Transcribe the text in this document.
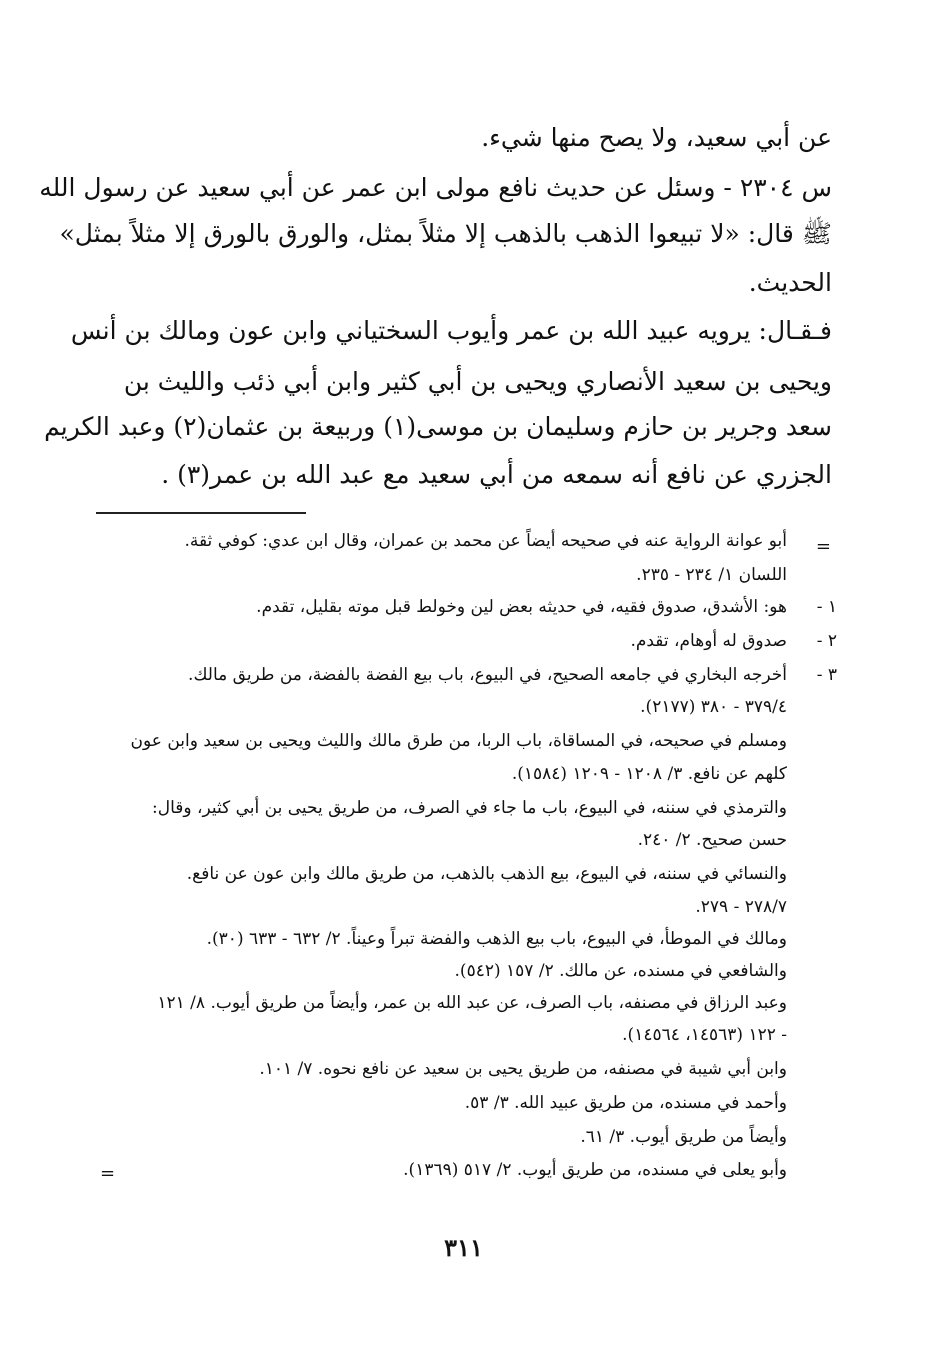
عن أبي سعيد، ولا يصح منها شيء.
س ٢٣٠٤ - وسئل عن حديث نافع مولى ابن عمر عن أبي سعيد عن رسول الله
ﷺ قال: «لا تبيعوا الذهب بالذهب إلا مثلاً بمثل، والورق بالورق إلا مثلاً بمثل»
الحديث.
فـقـال: يرويه عبيد الله بن عمر وأيوب السختياني وابن عون ومالك بن أنس
ويحيى بن سعيد الأنصاري ويحيى بن أبي كثير وابن أبي ذئب والليث بن
سعد وجرير بن حازم وسليمان بن موسى(١) وربيعة بن عثمان(٢) وعبد الكريم
الجزري عن نافع أنه سمعه من أبي سعيد مع عبد الله بن عمر(٣) .
=
أبو عوانة الرواية عنه في صحيحه أيضاً عن محمد بن عمران، وقال ابن عدي: كوفي ثقة.
اللسان ١/ ٢٣٤ - ٢٣٥.
١ -
هو: الأشدق، صدوق فقيه، في حديثه بعض لين وخولط قبل موته بقليل، تقدم.
٢ -
صدوق له أوهام، تقدم.
٣ -
أخرجه البخاري في جامعه الصحيح، في البيوع، باب بيع الفضة بالفضة، من طريق مالك.
٣٧٩/٤ - ٣٨٠ (٢١٧٧).
ومسلم في صحيحه، في المساقاة، باب الربا، من طرق مالك والليث ويحيى بن سعيد وابن عون
كلهم عن نافع. ٣/ ١٢٠٨ - ١٢٠٩ (١٥٨٤).
والترمذي في سننه، في البيوع، باب ما جاء في الصرف، من طريق يحيى بن أبي كثير، وقال:
حسن صحيح. ٢/ ٢٤٠.
والنسائي في سننه، في البيوع، بيع الذهب بالذهب، من طريق مالك وابن عون عن نافع.
٢٧٨/٧ - ٢٧٩.
ومالك في الموطأ، في البيوع، باب بيع الذهب والفضة تبراً وعيناً. ٢/ ٦٣٢ - ٦٣٣ (٣٠).
والشافعي في مسنده، عن مالك. ٢/ ١٥٧ (٥٤٢).
وعبد الرزاق في مصنفه، باب الصرف، عن عبد الله بن عمر، وأيضاً من طريق أيوب. ٨/ ١٢١
- ١٢٢ (١٤٥٦٣، ١٤٥٦٤).
وابن أبي شيبة في مصنفه، من طريق يحيى بن سعيد عن نافع نحوه. ٧/ ١٠١.
وأحمد في مسنده، من طريق عبيد الله. ٣/ ٥٣.
وأيضاً من طريق أيوب. ٣/ ٦١.
وأبو يعلى في مسنده، من طريق أيوب. ٢/ ٥١٧ (١٣٦٩).
=
٣١١
